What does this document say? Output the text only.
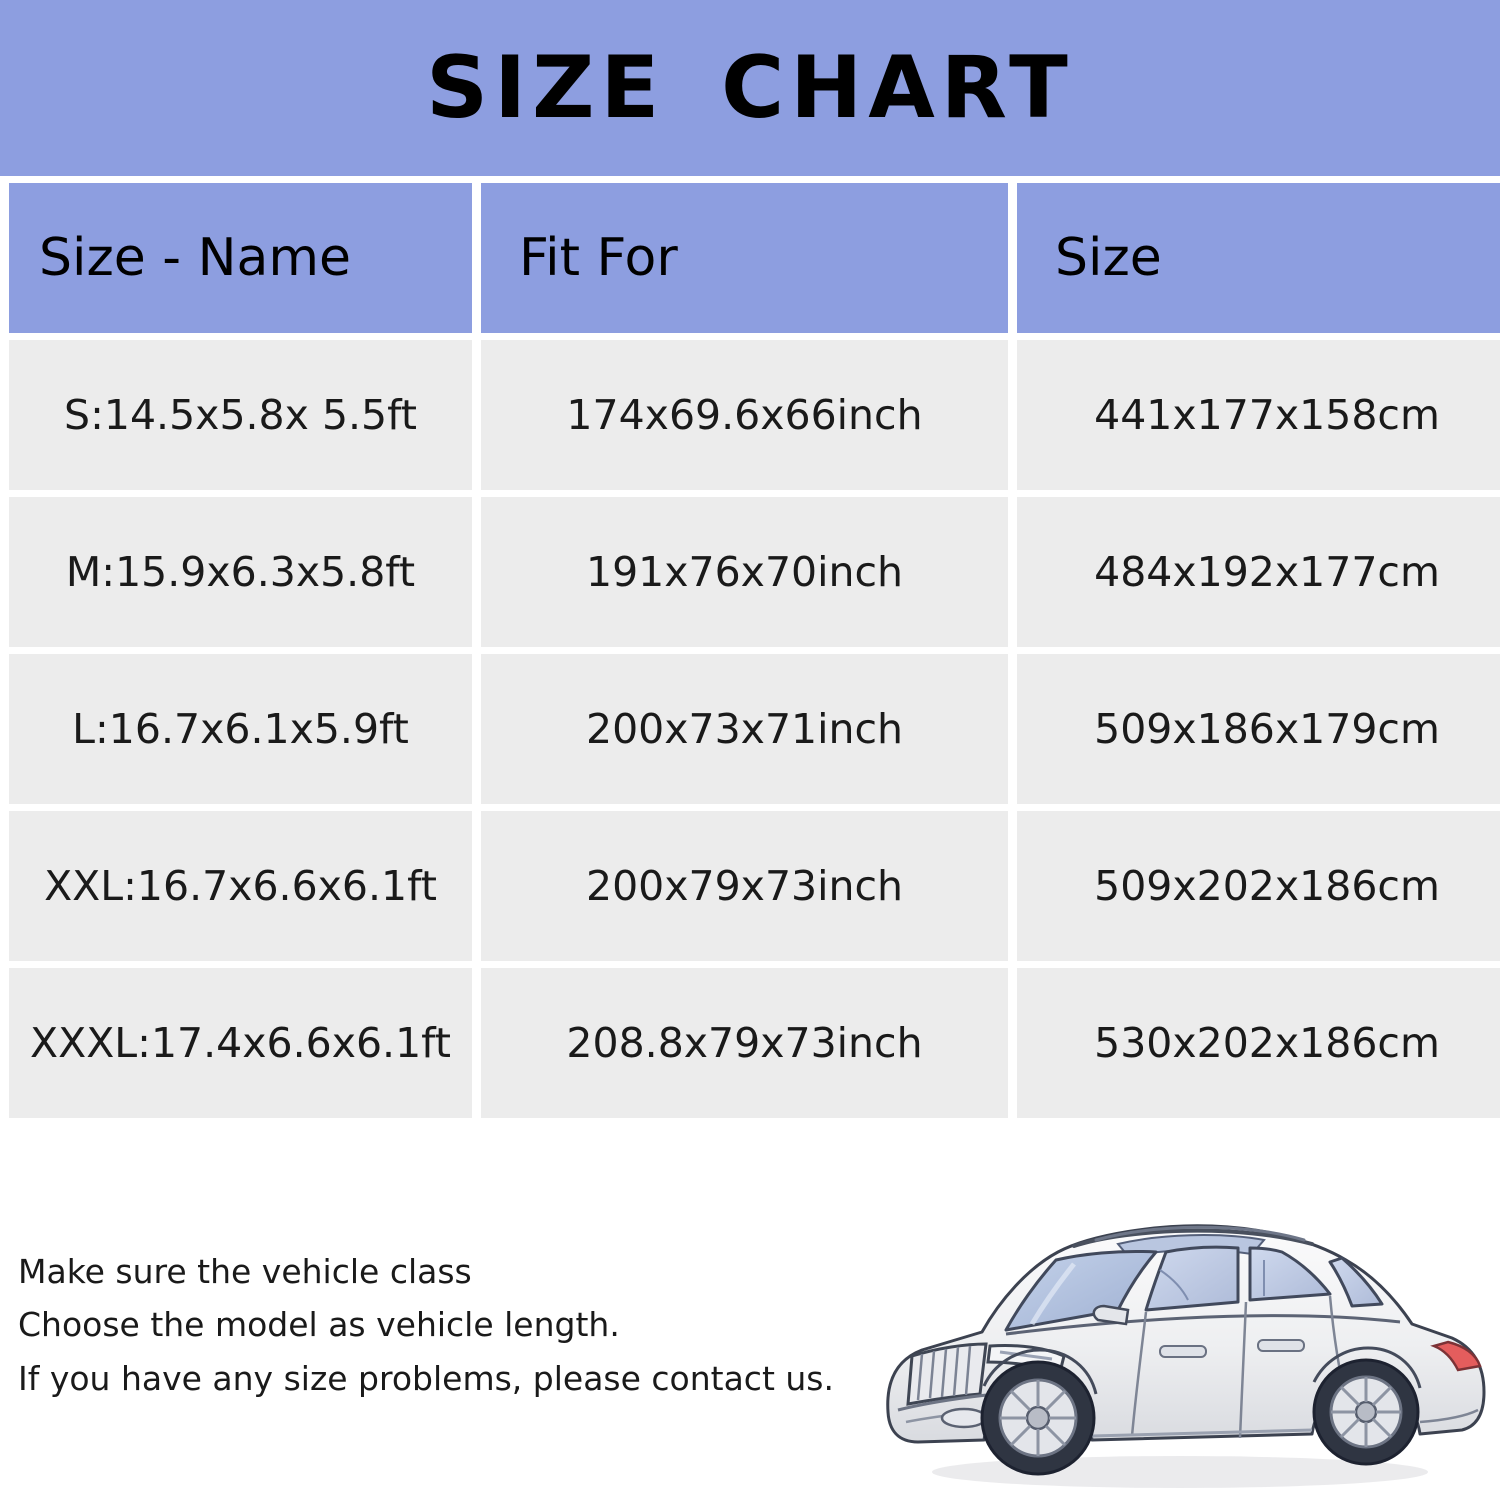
SIZE CHART
Size - Name	Fit For	Size
S:14.5x5.8x 5.5ft	174x69.6x66inch	441x177x158cm
M:15.9x6.3x5.8ft	191x76x70inch	484x192x177cm
L:16.7x6.1x5.9ft	200x73x71inch	509x186x179cm
XXL:16.7x6.6x6.1ft	200x79x73inch	509x202x186cm
XXXL:17.4x6.6x6.1ft	208.8x79x73inch	530x202x186cm
Make sure the vehicle class
Choose the model as vehicle length.
If you have any size problems, please contact us.
